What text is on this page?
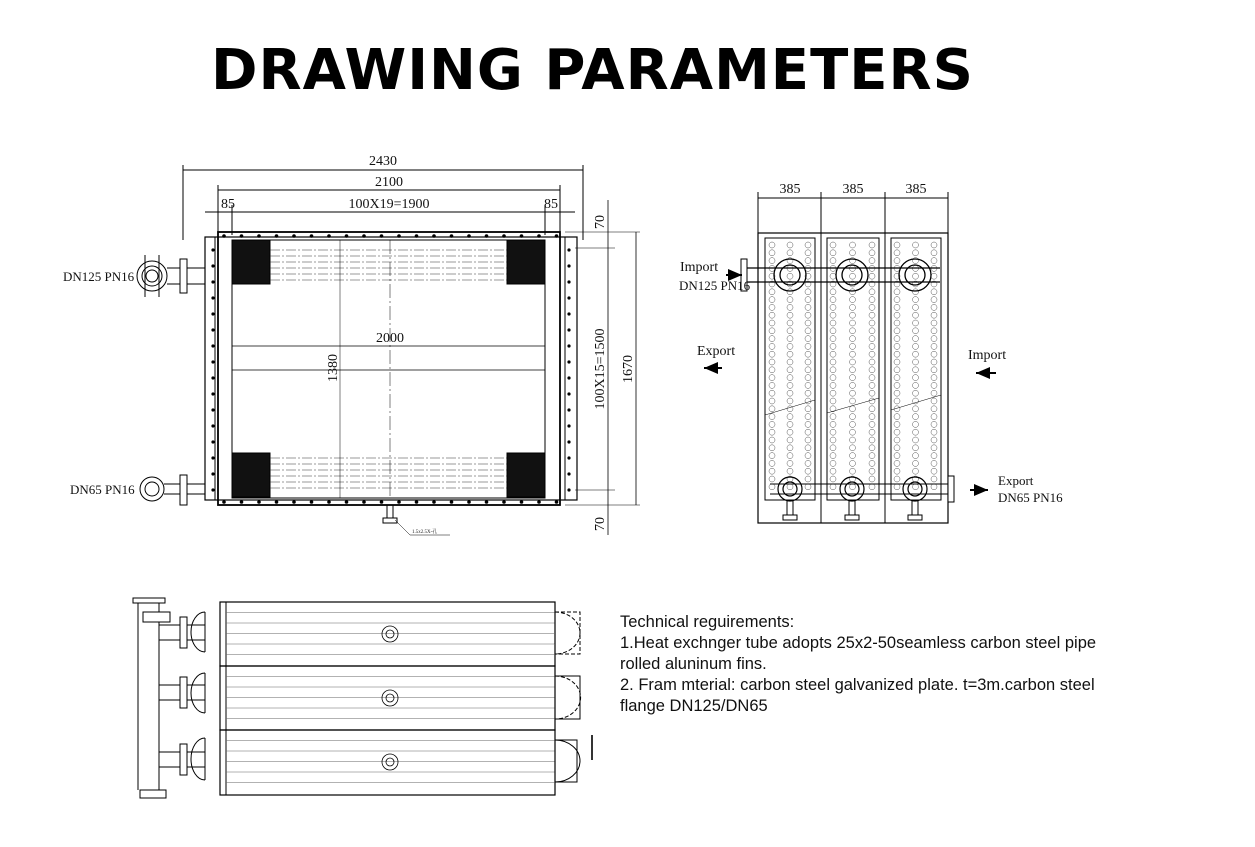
DRAWING PARAMETERS
2430
2100
85	100X19=1900	85
2000
1380
70
100X15=1500
70
1670
DN125 PN16
DN65 PN16
1.5x2.5X-孔
385	385	385
Import
DN125 PN16
Export	Import
Export
DN65 PN16
Technical reguirements:
1.Heat exchnger tube adopts 25x2-50seamless carbon steel pipe
rolled aluninum fins.
2. Fram mterial: carbon steel galvanized plate. t=3m.carbon steel
flange DN125/DN65
